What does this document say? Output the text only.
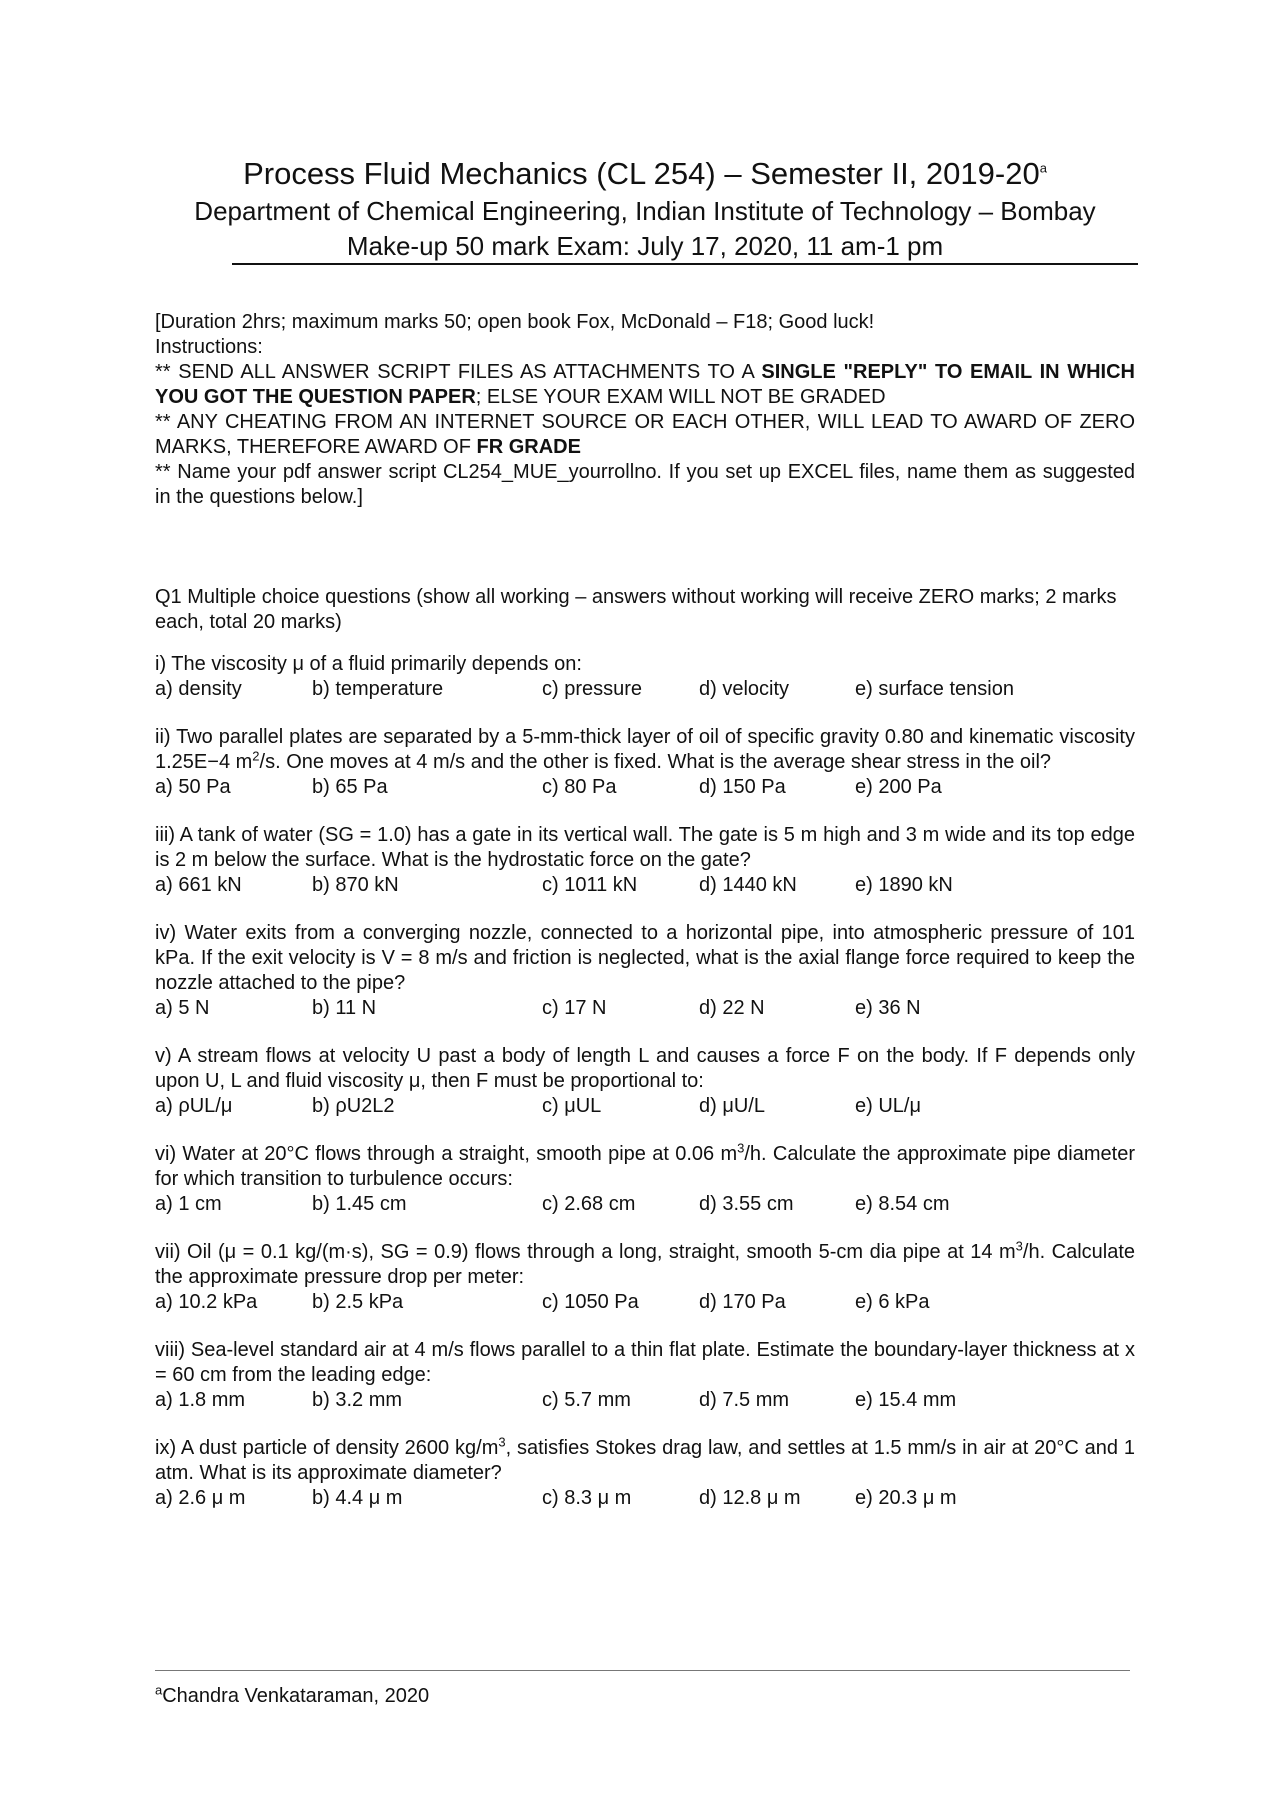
Process Fluid Mechanics (CL 254) – Semester II, 2019-20$^a$
Department of Chemical Engineering, Indian Institute of Technology – Bombay
Make-up 50 mark Exam: July 17, 2020, 11 am-1 pm

[Duration 2hrs; maximum marks 50; open book Fox, McDonald – F18; Good luck!

Instructions:

** SEND ALL ANSWER SCRIPT FILES AS ATTACHMENTS TO A SINGLE "REPLY" TO EMAIL IN WHICH YOU GOT THE QUESTION PAPER; ELSE YOUR EXAM WILL NOT BE GRADED

** ANY CHEATING FROM AN INTERNET SOURCE OR EACH OTHER, WILL LEAD TO AWARD OF ZERO MARKS, THEREFORE AWARD OF FR GRADE

** Name your pdf answer script CL254_MUE_yourrollno. If you set up EXCEL files, name them as suggested in the questions below.]

Q1 Multiple choice questions (show all working – answers without working will receive ZERO marks; 2 marks each, total 20 marks)

i) The viscosity μ of a fluid primarily depends on:

a) density	b) temperature	c) pressure	d) velocity	e) surface tension

ii) Two parallel plates are separated by a 5-mm-thick layer of oil of specific gravity 0.80 and kinematic viscosity 1.25E−4 $m^2/s$. One moves at 4 m/s and the other is fixed. What is the average shear stress in the oil?

a) 50 Pa	b) 65 Pa	c) 80 Pa	d) 150 Pa	e) 200 Pa

iii) A tank of water (SG = 1.0) has a gate in its vertical wall. The gate is 5 m high and 3 m wide and its top edge is 2 m below the surface. What is the hydrostatic force on the gate?

a) 661 kN	b) 870 kN	c) 1011 kN	d) 1440 kN	e) 1890 kN

iv) Water exits from a converging nozzle, connected to a horizontal pipe, into atmospheric pressure of 101 kPa. If the exit velocity is V = 8 m/s and friction is neglected, what is the axial flange force required to keep the nozzle attached to the pipe?

a) 5 N	b) 11 N	c) 17 N	d) 22 N	e) 36 N

v) A stream flows at velocity U past a body of length L and causes a force F on the body. If F depends only upon U, L and fluid viscosity μ, then F must be proportional to:

a) ρUL/μ	b) ρU2L2	c) μUL	d) μU/L	e) UL/μ

vi) Water at 20°C flows through a straight, smooth pipe at 0.06 $m^3/h$. Calculate the approximate pipe diameter for which transition to turbulence occurs:

a) 1 cm	b) 1.45 cm	c) 2.68 cm	d) 3.55 cm	e) 8.54 cm

vii) Oil (μ = 0.1 kg/(m·s), SG = 0.9) flows through a long, straight, smooth 5-cm dia pipe at 14 $m^3/h$. Calculate the approximate pressure drop per meter:

a) 10.2 kPa	b) 2.5 kPa	c) 1050 Pa	d) 170 Pa	e) 6 kPa

viii) Sea-level standard air at 4 m/s flows parallel to a thin flat plate. Estimate the boundary-layer thickness at x = 60 cm from the leading edge:

a) 1.8 mm	b) 3.2 mm	c) 5.7 mm	d) 7.5 mm	e) 15.4 mm

ix) A dust particle of density 2600 $kg/m^3$, satisfies Stokes drag law, and settles at 1.5 mm/s in air at 20°C and 1 atm. What is its approximate diameter?

a) 2.6 μ m	b) 4.4 μ m	c) 8.3 μ m	d) 12.8 μ m	e) 20.3 μ m
$^a$Chandra Venkataraman, 2020
